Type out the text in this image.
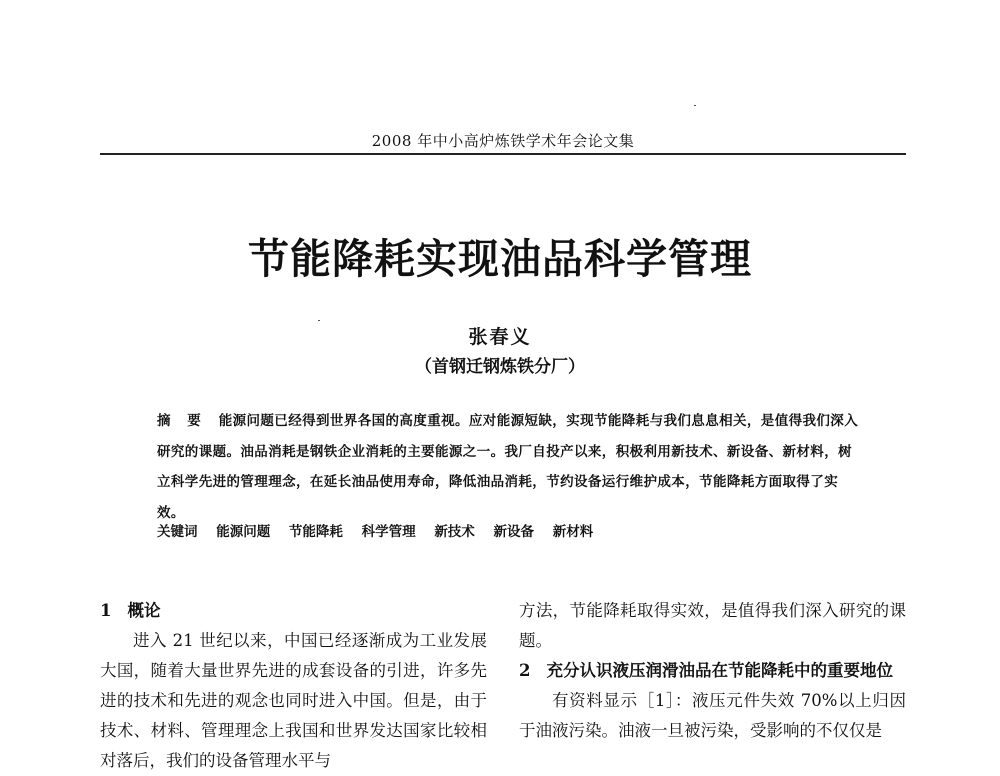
2008 年中小高炉炼铁学术年会论文集
节能降耗实现油品科学管理
张春义
（首钢迁钢炼铁分厂）
摘 要 能源问题已经得到世界各国的高度重视。应对能源短缺，实现节能降耗与我们息息相关，是值得我们深入研究的课题。油品消耗是钢铁企业消耗的主要能源之一。我厂自投产以来，积极利用新技术、新设备、新材料，树立科学先进的管理理念，在延长油品使用寿命，降低油品消耗，节约设备运行维护成本，节能降耗方面取得了实效。
关键词 能源问题 节能降耗 科学管理 新技术 新设备 新材料
1 概论

进入 21 世纪以来，中国已经逐渐成为工业发展大国，随着大量世界先进的成套设备的引进，许多先进的技术和先进的观念也同时进入中国。但是，由于技术、材料、管理理念上我国和世界发达国家比较相对落后，我们的设备管理水平与

方法，节能降耗取得实效，是值得我们深入研究的课题。

2 充分认识液压润滑油品在节能降耗中的重要地位

有资料显示［1］：液压元件失效 70%以上归因于油液污染。油液一旦被污染，受影响的不仅仅是
